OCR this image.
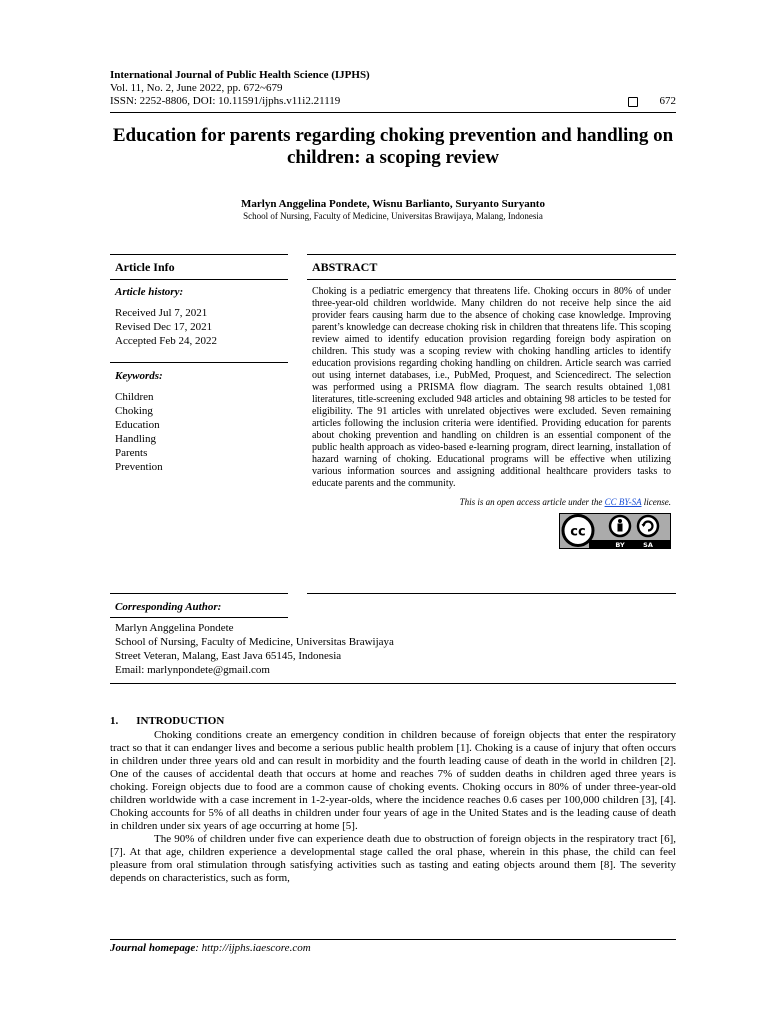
International Journal of Public Health Science (IJPHS)
Vol. 11, No. 2, June 2022, pp. 672~679
ISSN: 2252-8806, DOI: 10.11591/ijphs.v11i2.21119	672
Education for parents regarding choking prevention and handling on children: a scoping review
Marlyn Anggelina Pondete, Wisnu Barlianto, Suryanto Suryanto
School of Nursing, Faculty of Medicine, Universitas Brawijaya, Malang, Indonesia
Article Info
Article history:
Received Jul 7, 2021
Revised Dec 17, 2021
Accepted Feb 24, 2022
Keywords:
Children
Choking
Education
Handling
Parents
Prevention
ABSTRACT
Choking is a pediatric emergency that threatens life. Choking occurs in 80% of under three-year-old children worldwide. Many children do not receive help since the aid provider fears causing harm due to the absence of choking case knowledge. Improving parent’s knowledge can decrease choking risk in children that threatens life. This scoping review aimed to identify education provision regarding foreign body aspiration on children. This study was a scoping review with choking handling articles to identify education provisions regarding choking handling on children. Article search was carried out using internet databases, i.e., PubMed, Proquest, and Sciencedirect. The selection was performed using a PRISMA flow diagram. The search results obtained 1,081 literatures, title-screening excluded 948 articles and obtaining 98 articles to be tested for eligibility. The 91 articles with unrelated objectives were excluded. Seven remaining articles following the inclusion criteria were identified. Providing education for parents about choking prevention and handling on children is an essential component of the public health approach as video-based e-learning program, direct learning, installation of hazard warning of choking. Educational programs will be effective when utilizing various information sources and assigning additional healthcare providers tasks to educate parents and the community.
This is an open access article under the CC BY-SA license.
cc
BY	SA
Corresponding Author:
Marlyn Anggelina Pondete
School of Nursing, Faculty of Medicine, Universitas Brawijaya
Street Veteran, Malang, East Java 65145, Indonesia
Email: marlynpondete@gmail.com
1. INTRODUCTION

Choking conditions create an emergency condition in children because of foreign objects that enter the respiratory tract so that it can endanger lives and become a serious public health problem [1]. Choking is a cause of injury that often occurs in children under three years old and can result in morbidity and the fourth leading cause of death in the world in children [2]. One of the causes of accidental death that occurs at home and reaches 7% of sudden deaths in children aged three years is choking. Foreign objects due to food are a common cause of choking events. Choking occurs in 80% of under three-year-old children worldwide with a case increment in 1-2-year-olds, where the incidence reaches 0.6 cases per 100,000 children [3], [4]. Choking accounts for 5% of all deaths in children under four years of age in the United States and is the leading cause of death in children under six years of age occurring at home [5].

The 90% of children under five can experience death due to obstruction of foreign objects in the respiratory tract [6], [7]. At that age, children experience a developmental stage called the oral phase, wherein in this phase, the child can feel pleasure from oral stimulation through satisfying activities such as tasting and eating objects around them [8]. The severity depends on characteristics, such as form,

Journal homepage: http://ijphs.iaescore.com
